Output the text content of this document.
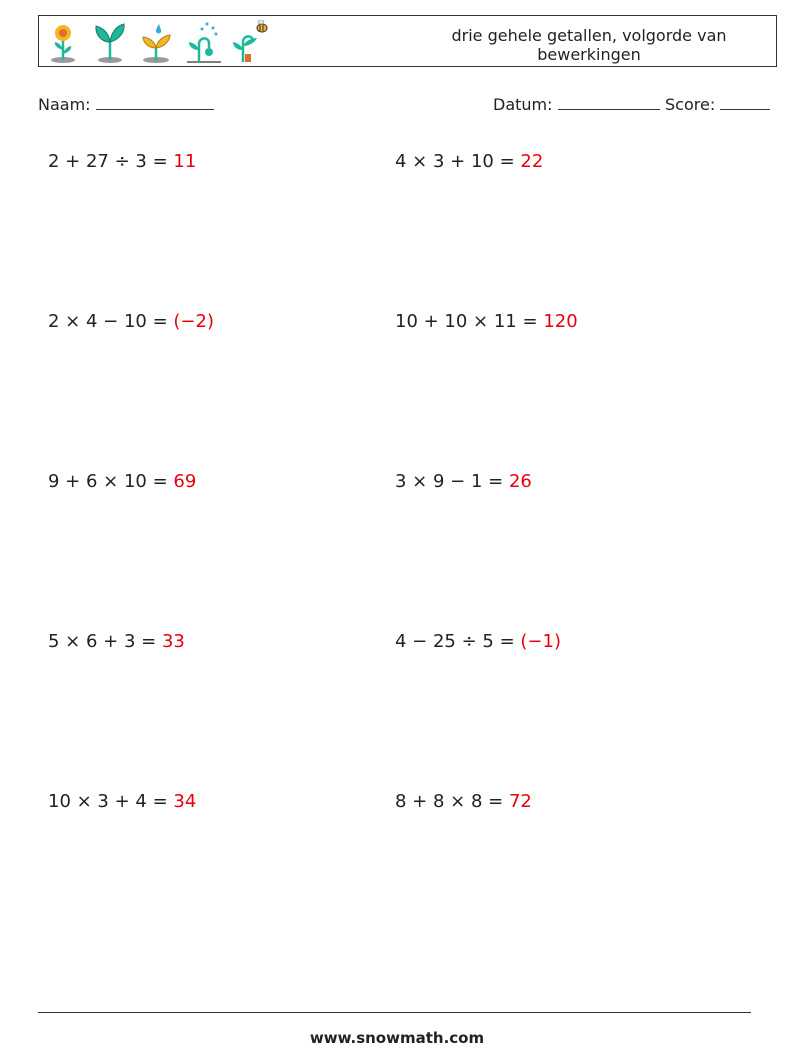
drie gehele getallen, volgorde van bewerkingen
Naam:	Datum:	Score:
2 + 27 ÷ 3 = 11	4 × 3 + 10 = 22
2 × 4 − 10 = (−2)	10 + 10 × 11 = 120
9 + 6 × 10 = 69	3 × 9 − 1 = 26
5 × 6 + 3 = 33	4 − 25 ÷ 5 = (−1)
10 × 3 + 4 = 34	8 + 8 × 8 = 72
www.snowmath.com
